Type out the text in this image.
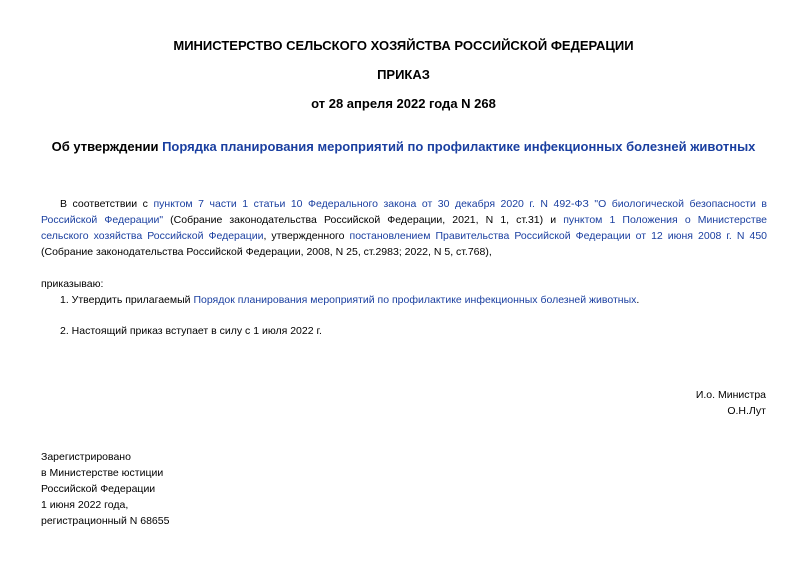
МИНИСТЕРСТВО СЕЛЬСКОГО ХОЗЯЙСТВА РОССИЙСКОЙ ФЕДЕРАЦИИ
ПРИКАЗ
от 28 апреля 2022 года N 268
Об утверждении Порядка планирования мероприятий по профилактике инфекционных болезней животных
В соответствии с пунктом 7 части 1 статьи 10 Федерального закона от 30 декабря 2020 г. N 492-ФЗ "О биологической безопасности в
Российской Федерации" (Собрание законодательства Российской Федерации, 2021, N 1, ст.31) и пунктом 1 Положения о Министерстве
сельского хозяйства Российской Федерации, утвержденного постановлением Правительства Российской Федерации от 12 июня 2008 г. N 450
(Собрание законодательства Российской Федерации, 2008, N 25, ст.2983; 2022, N 5, ст.768),
приказываю:
1. Утвердить прилагаемый Порядок планирования мероприятий по профилактике инфекционных болезней животных.
2. Настоящий приказ вступает в силу с 1 июля 2022 г.
И.о. Министра
О.Н.Лут
Зарегистрировано
в Министерстве юстиции
Российской Федерации
1 июня 2022 года,
регистрационный N 68655
